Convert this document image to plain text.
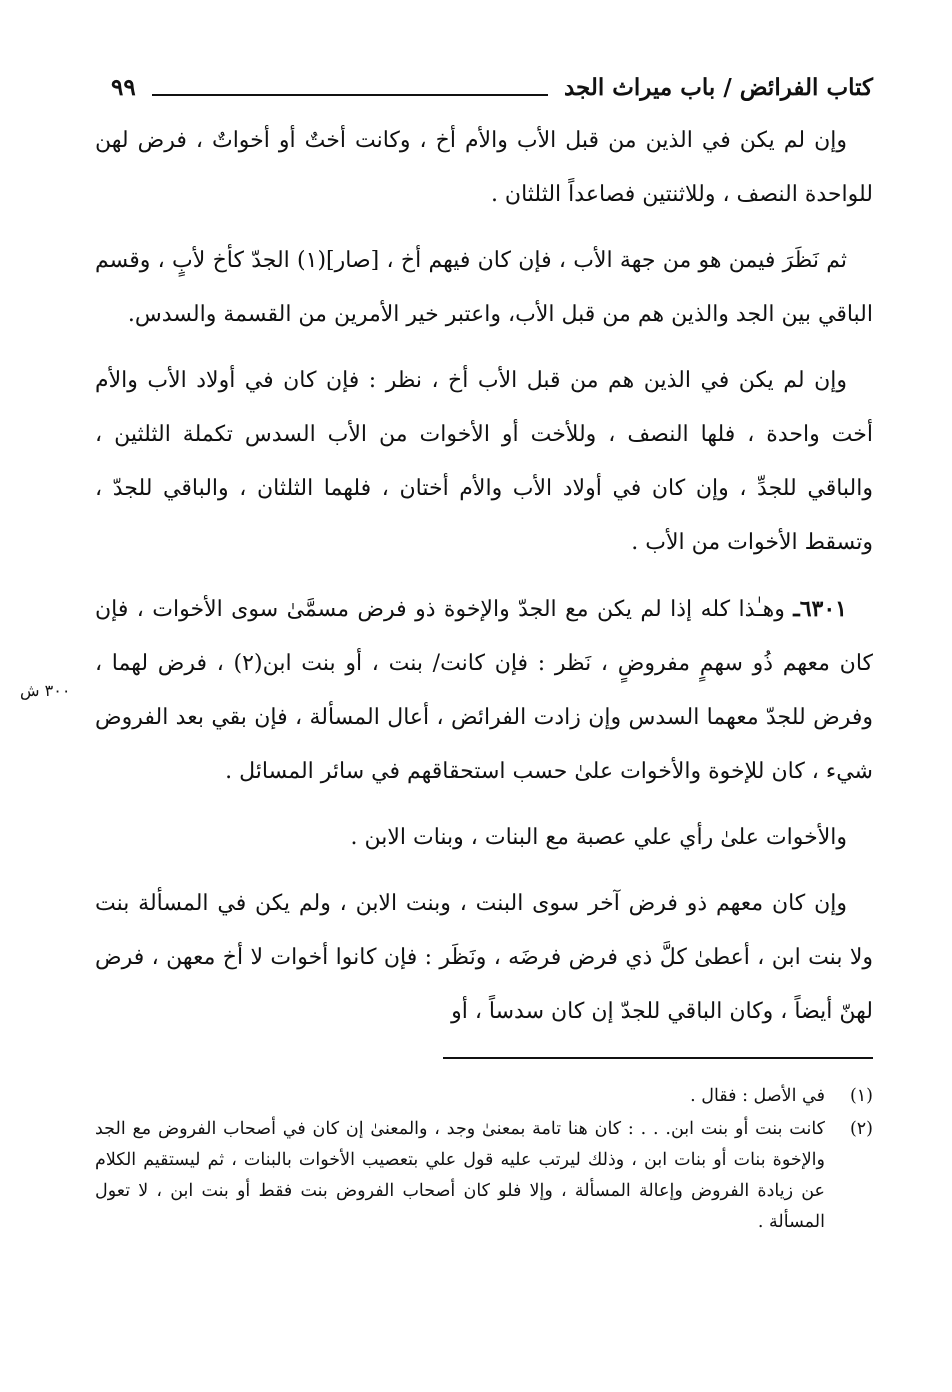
كتاب الفرائض / باب ميراث الجد
٩٩

وإن لم يكن في الذين من قبل الأب والأم أخ ، وكانت أختٌ أو أخواتٌ ، فرض لهن للواحدة النصف ، وللاثنتين فصاعداً الثلثان .

ثم نَظَرَ فيمن هو من جهة الأب ، فإن كان فيهم أخ ، [صار](١) الجدّ كأخ لأبٍ ، وقسم الباقي بين الجد والذين هم من قبل الأب، واعتبر خير الأمرين من القسمة والسدس.

وإن لم يكن في الذين هم من قبل الأب أخ ، نظر : فإن كان في أولاد الأب والأم أخت واحدة ، فلها النصف ، وللأخت أو الأخوات من الأب السدس تكملة الثلثين ، والباقي للجدِّ ، وإن كان في أولاد الأب والأم أختان ، فلهما الثلثان ، والباقي للجدّ ، وتسقط الأخوات من الأب .

٦٣٠١ـ وهـٰذا كله إذا لم يكن مع الجدّ والإخوة ذو فرض مسمَّىٰ سوى الأخوات ، فإن كان معهم ذُو سهمٍ مفروضٍ ، نَظر : فإن كانت/ بنت ، أو بنت ابن(٢) ، فرض لهما ، وفرض للجدّ معهما السدس وإن زادت الفرائض ، أعال المسألة ، فإن بقي بعد الفروض شيء ، كان للإخوة والأخوات علىٰ حسب استحقاقهم في سائر المسائل .

والأخوات علىٰ رأي علي عصبة مع البنات ، وبنات الابن .

وإن كان معهم ذو فرض آخر سوى البنت ، وبنت الابن ، ولم يكن في المسألة بنت ولا بنت ابن ، أعطىٰ كلَّ ذي فرض فرضَه ، ونَظَر : فإن كانوا أخوات لا أخ معهن ، فرض لهنّ أيضاً ، وكان الباقي للجدّ إن كان سدساً ، أو

(١)
في الأصل : فقال .
(٢)
كانت بنت أو بنت ابن. . . : كان هنا تامة بمعنىٰ وجد ، والمعنىٰ إن كان في أصحاب الفروض مع الجد والإخوة بنات أو بنات ابن ، وذلك ليرتب عليه قول علي بتعصيب الأخوات بالبنات ، ثم ليستقيم الكلام عن زيادة الفروض وإعالة المسألة ، وإلا فلو كان أصحاب الفروض بنت فقط أو بنت ابن ، لا تعول المسألة .
٣٠٠ ش
